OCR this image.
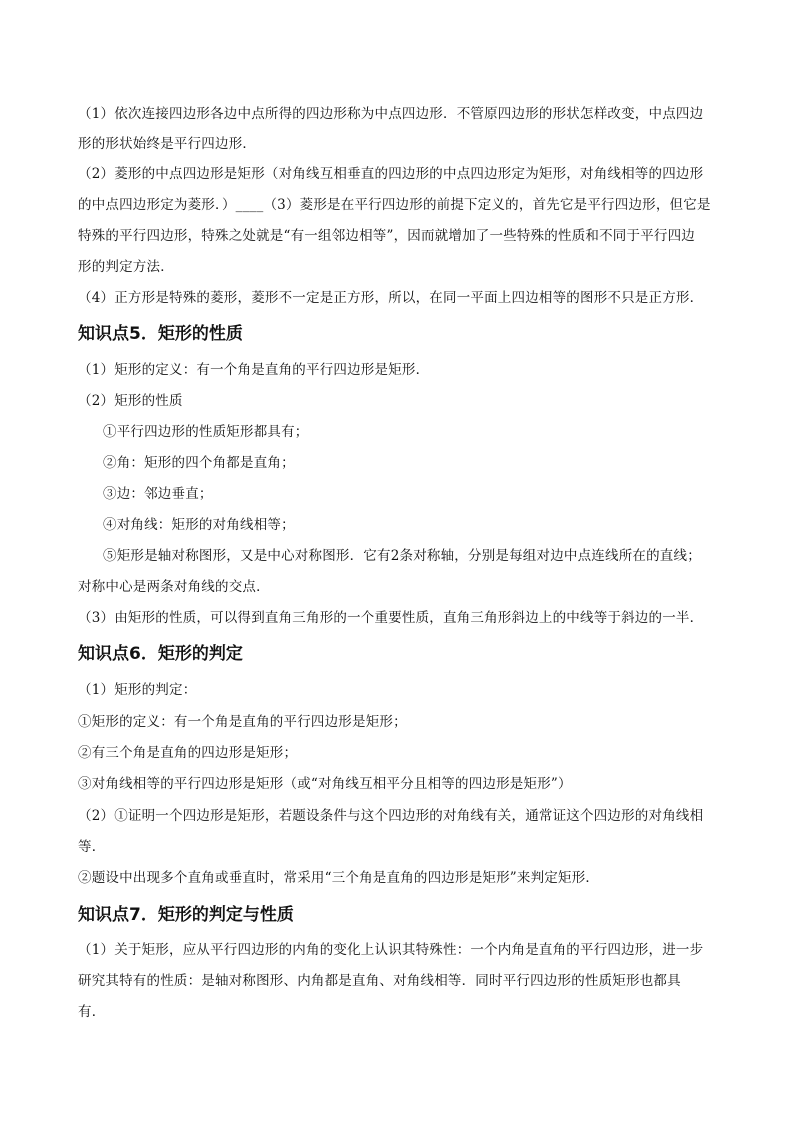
（1）依次连接四边形各边中点所得的四边形称为中点四边形．不管原四边形的形状怎样改变，中点四边
形的形状始终是平行四边形．
（2）菱形的中点四边形是矩形（对角线互相垂直的四边形的中点四边形定为矩形，对角线相等的四边形
的中点四边形定为菱形．）____（3）菱形是在平行四边形的前提下定义的，首先它是平行四边形，但它是
特殊的平行四边形，特殊之处就是“有一组邻边相等”，因而就增加了一些特殊的性质和不同于平行四边
形的判定方法．
（4）正方形是特殊的菱形，菱形不一定是正方形，所以，在同一平面上四边相等的图形不只是正方形．
知识点5．矩形的性质
（1）矩形的定义：有一个角是直角的平行四边形是矩形．
（2）矩形的性质
①平行四边形的性质矩形都具有；
②角：矩形的四个角都是直角；
③边：邻边垂直；
④对角线：矩形的对角线相等；
⑤矩形是轴对称图形，又是中心对称图形．它有2条对称轴，分别是每组对边中点连线所在的直线；
对称中心是两条对角线的交点．
（3）由矩形的性质，可以得到直角三角形的一个重要性质，直角三角形斜边上的中线等于斜边的一半．
知识点6．矩形的判定
（1）矩形的判定：
①矩形的定义：有一个角是直角的平行四边形是矩形；
②有三个角是直角的四边形是矩形；
③对角线相等的平行四边形是矩形（或“对角线互相平分且相等的四边形是矩形”）
（2）①证明一个四边形是矩形，若题设条件与这个四边形的对角线有关，通常证这个四边形的对角线相
等．
②题设中出现多个直角或垂直时，常采用“三个角是直角的四边形是矩形”来判定矩形．
知识点7．矩形的判定与性质
（1）关于矩形，应从平行四边形的内角的变化上认识其特殊性：一个内角是直角的平行四边形，进一步
研究其特有的性质：是轴对称图形、内角都是直角、对角线相等．同时平行四边形的性质矩形也都具
有．
